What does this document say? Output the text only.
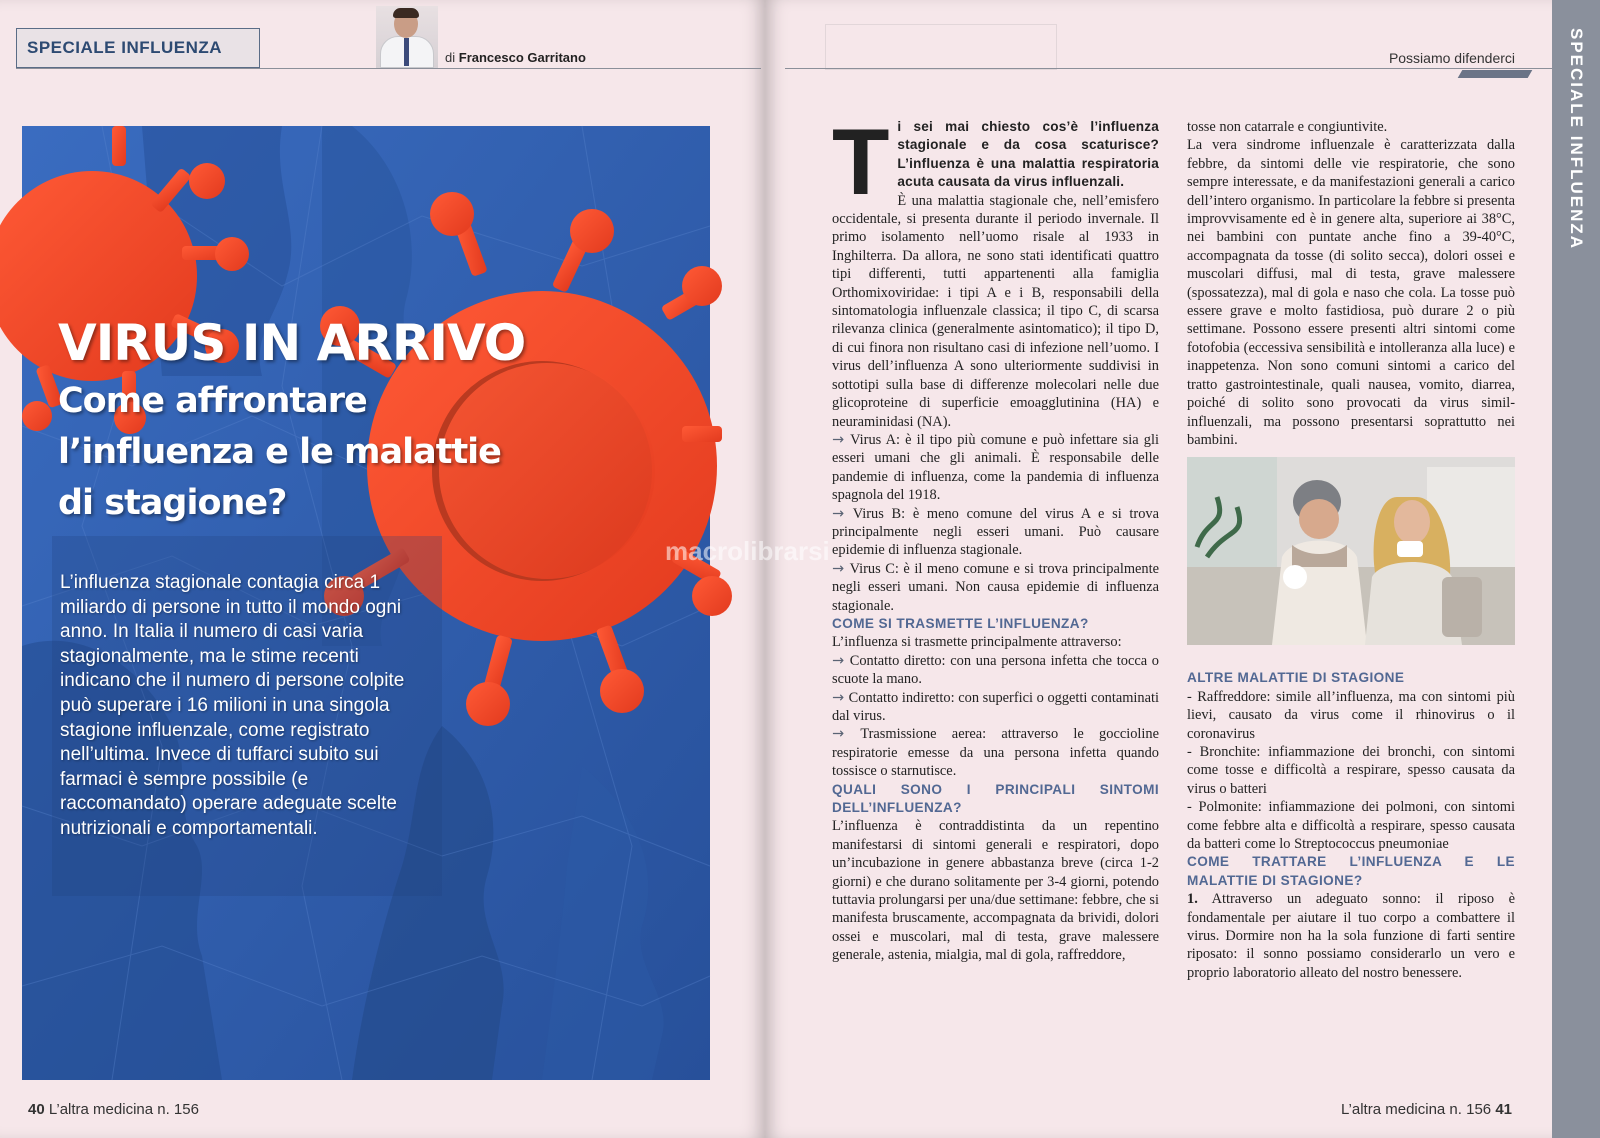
SPECIALE INFLUENZA
di Francesco Garritano
VIRUS IN ARRIVO
Come affrontare l’influenza e le malattie di stagione?
L’influenza stagionale contagia circa 1 miliardo di persone in tutto il mondo ogni anno. In Italia il numero di casi varia stagionalmente, ma le stime recenti indicano che il numero di persone colpite può superare i 16 milioni in una singola stagione influenzale, come registrato nell’ultima. Invece di tuffarci subito sui farmaci è sempre possibile (e raccomandato) operare adeguate scelte nutrizionali e comportamentali.
40 L’altra medicina n. 156
Possiamo difenderci	SPECIALE INFLUENZA
T i sei mai chiesto cos’è l’influenza stagionale e da cosa scaturisce? L’influenza è una malattia respiratoria acuta causata da virus influenzali.

È una malattia stagionale che, nell’emisfero occidentale, si presenta durante il periodo invernale. Il primo isolamento nell’uomo risale al 1933 in Inghilterra. Da allora, ne sono stati identificati quattro tipi differenti, tutti appartenenti alla famiglia Orthomixoviridae: i tipi A e i B, responsabili della sintomatologia influenzale classica; il tipo C, di scarsa rilevanza clinica (generalmente asintomatico); il tipo D, di cui finora non risultano casi di infezione nell’uomo. I virus dell’influenza A sono ulteriormente suddivisi in sottotipi sulla base di differenze molecolari nelle due glicoproteine di superficie emoagglutinina (HA) e neuraminidasi (NA).

→ Virus A: è il tipo più comune e può infettare sia gli esseri umani che gli animali. È responsabile delle pandemie di influenza, come la pandemia di influenza spagnola del 1918.

→ Virus B: è meno comune del virus A e si trova principalmente negli esseri umani. Può causare epidemie di influenza stagionale.

→ Virus C: è il meno comune e si trova principalmente negli esseri umani. Non causa epidemie di influenza stagionale.

COME SI TRASMETTE L’INFLUENZA?

L’influenza si trasmette principalmente attraverso:

→ Contatto diretto: con una persona infetta che tocca o scuote la mano.

→ Contatto indiretto: con superfici o oggetti contaminati dal virus.

→ Trasmissione aerea: attraverso le goccioline respiratorie emesse da una persona infetta quando tossisce o starnutisce.

QUALI SONO I PRINCIPALI SINTOMI DELL’INFLUENZA?

L’influenza è contraddistinta da un repentino manifestarsi di sintomi generali e respiratori, dopo un’incubazione in genere abbastanza breve (circa 1-2 giorni) e che durano solitamente per 3-4 giorni, potendo tuttavia prolungarsi per una/due settimane: febbre, che si manifesta bruscamente, accompagnata da brividi, dolori ossei e muscolari, mal di testa, grave malessere generale, astenia, mialgia, mal di gola, raffreddore,

tosse non catarrale e congiuntivite.

La vera sindrome influenzale è caratterizzata dalla febbre, da sintomi delle vie respiratorie, che sono sempre interessate, e da manifestazioni generali a carico dell’intero organismo. In particolare la febbre si presenta improvvisamente ed è in genere alta, superiore ai 38°C, nei bambini con puntate anche fino a 39-40°C, accompagnata da tosse (di solito secca), dolori ossei e muscolari diffusi, mal di testa, grave malessere (spossatezza), mal di gola e naso che cola. La tosse può essere grave e molto fastidiosa, può durare 2 o più settimane. Possono essere presenti altri sintomi come fotofobia (eccessiva sensibilità e intolleranza alla luce) e inappetenza. Non sono comuni sintomi a carico del tratto gastrointestinale, quali nausea, vomito, diarrea, poiché di solito sono provocati da virus simil-influenzali, ma possono presentarsi soprattutto nei bambini.

ALTRE MALATTIE DI STAGIONE

- Raffreddore: simile all’influenza, ma con sintomi più lievi, causato da virus come il rhinovirus o il coronavirus

- Bronchite: infiammazione dei bronchi, con sintomi come tosse e difficoltà a respirare, spesso causata da virus o batteri

- Polmonite: infiammazione dei polmoni, con sintomi come febbre alta e difficoltà a respirare, spesso causata da batteri come lo Streptococcus pneumoniae

COME TRATTARE L’INFLUENZA E LE MALATTIE DI STAGIONE?

1. Attraverso un adeguato sonno: il riposo è fondamentale per aiutare il tuo corpo a combattere il virus. Dormire non ha la sola funzione di farti sentire riposato: il sonno possiamo considerarlo un vero e proprio laboratorio alleato del nostro benessere.

macrolibrarsi
L’altra medicina n. 156 41
